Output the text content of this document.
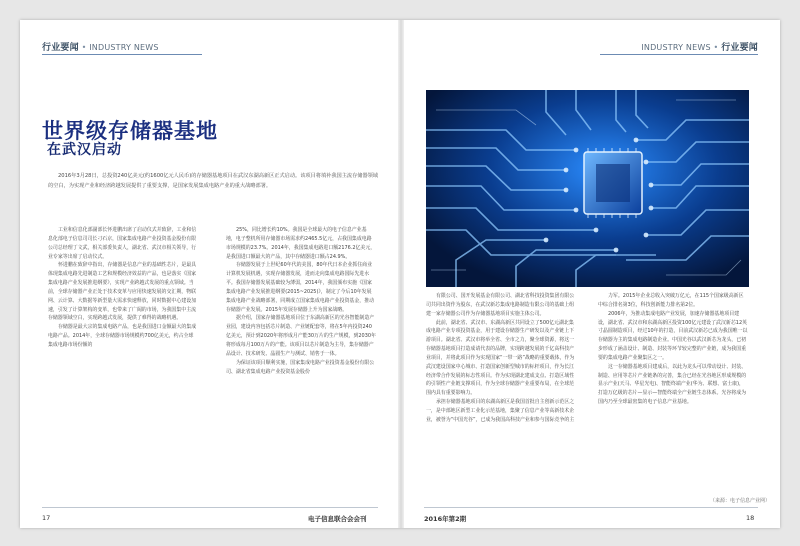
行业要闻 • INDUSTRY NEWS	INDUSTRY NEWS • 行业要闻
世界级存储器基地
在武汉启动

2016年3月28日，总投资240亿美元(约1600亿元人民币)的存储器基地项目在武汉东湖高新区正式启动。该项目将填补我国主流存储器领域的空白，为实现产业和经济跨越发展提供了重要支撑，是国家发展集成电路产业的重大战略部署。

工业和信息化部副部长怀进鹏出席了启动仪式并致辞，工业和信息化部电子信息司司长刁石京，国家集成电路产业投资基金股份有限公司总经理丁文武，相关部委负责人，湖北省、武汉市相关领导，行业专家等出席了启动仪式。

怀进鹏在致辞中指出，存储器是信息产业的基础性芯片，是最具体现集成电路先进制造工艺和规模经济效益的产品，也是落实《国家集成电路产业发展推进纲要》，实现产业跨越式发展的重点领域。当前，全球存储器产业正处于技术变革与应用快速发展的交汇期，物联网、云计算、大数据等新型量大需求快速释放，同时数据中心建设加速，引发了计算架构的变革，也带来了广阔的市场，为我国集中主流存储器领域空白，实现跨越式发展，提供了难得的战略机遇。

存储器是最大宗的集成电路产品，也是我国进口金额最大的集成电路产品。2014年，全球存储器市场规模约700亿美元，约占全球集成电路市场份额的

25%，同比增长约10%。我国是全球最大的电子信息产业基地，电子整机所用存储器市场需求约2465.5亿元，占我国集成电路市场规模的23.7%。2014年，我国集成电路进口额2176.2亿美元，是我国进口额最大的产品，其中存储器进口额占24.9%。

存储器发展于上世纪60年代的美国，80年代日本企业抓住商业计算机发展机遇，实现存储器发展，进而走向集成电路国际先进水平。我国存储器发展基础较为薄弱，2014年，我国颁布实施《国家集成电路产业发展推进纲要(2015~2025)》，制定了今后10年发展集成电路产业战略部署，同期成立国家集成电路产业投资基金，推动存储器产业发展。2015年发展存储器上升为国家战略。

据介绍，国家存储器基地项目位于东湖高新区的光谷智能制造产业园，建设内容包括芯片制造、产业链配套等，将在5年内投资240亿美元，预计到2020年将形成月产能30万片的生产规模，到2030年将形成每月100万片的产能。该项目以芯片制造为主导，集存储器产品设计、技术研发、晶圆生产与测试、销售于一体。

为保证该项目顺利实施，国家集成电路产业投资基金股份有限公司、湖北省集成电路产业投资基金股份

有限公司、国开发展基金有限公司、湖北省科技投资集团有限公司共同出资作为股东，在武汉新芯集成电路制造有限公司的基础上组建一家存储器公司作为存储器基地项目实施主体公司。

此前，湖北省、武汉市、东湖高新区共同设立了500亿元湖北集成电路产业专项投资基金，用于建设存储器生产研发以及产业链上下游项目。湖北省、武汉市将举全省、全市之力，聚全球资源，将这一存储器基地项目打造成请代表的品牌，实现跨越发展的千亿高科技产业项目，并将此项目作为实现国家“一带一路”战略的重要载体，作为武汉建设国家中心城市、打造国家创新型城市的标杆项目，作为长江经济带合作发展的标志性项目。作为实现湖北建成支点、打造区域性的引领性产业链支撑项目，作为全球存储器产业重要布局，在全球范围内具有重要影响力。

承担存储器基地项目的东湖高新区是我国首批自主创新示范区之一，是中部地区新型工业化示范基地，集聚了信息产业等高新技术企业，被誉为“中国光谷”，已成为我国高科技产业和参与国际竞争的主

力军。2015年企业总收入突破万亿元，在115个国家级高新区中综合排名第3位，科技创新能力排名第2位。

2006年，为推动集成电路产业发展，加速存储器基地项目建设，湖北省、武汉市和东湖高新区投资100亿元建设了武汉新芯12英寸晶圆制造项目，经过10年的打造，目前武汉新芯已成为我国唯一以存储器为主的集成电路制造企业。中国光谷以武汉新芯为龙头，已初步形成了涵盖设计、制造、封装等环节较完整的产业链，成为我国重要的集成电路产业聚集区之一。

这一存储器基地项目建成后，以此为龙头可以带动设计、封装、制造、应用等芯片产业链条的完善，集合已经在光谷地区形成规模的显示产业(天马、华星光电)、智能终端产业(华为、联想、富士康)，打造万亿级的芯片—显示—智能终端全产业链生态体系。光谷将成为国内乃至全球最密集的电子信息产业基地。

（来源：电子信息产业网）
17	电子信息联合会会刊	2016年第2期	18
